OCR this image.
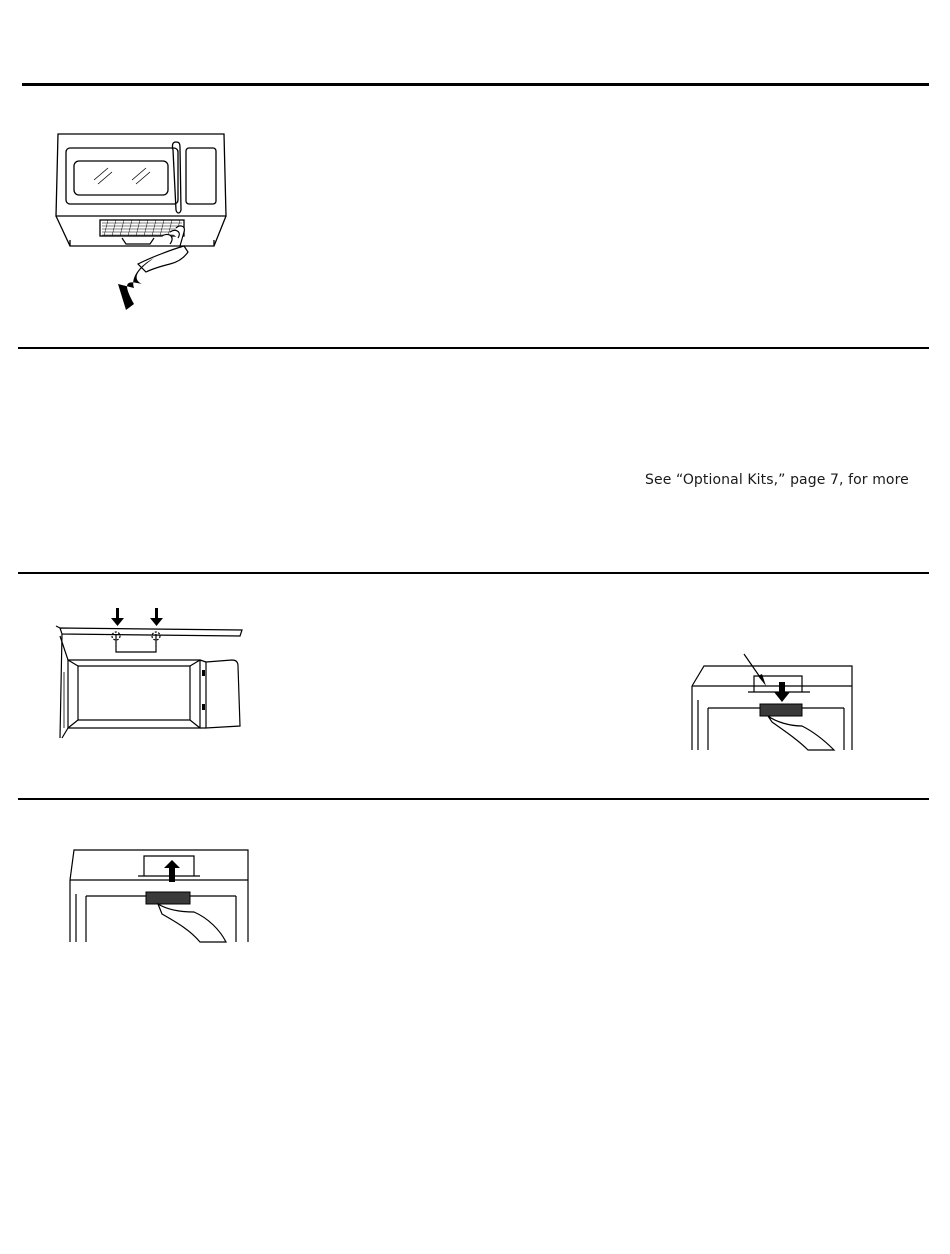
See “Optional Kits,” page 7, for more
